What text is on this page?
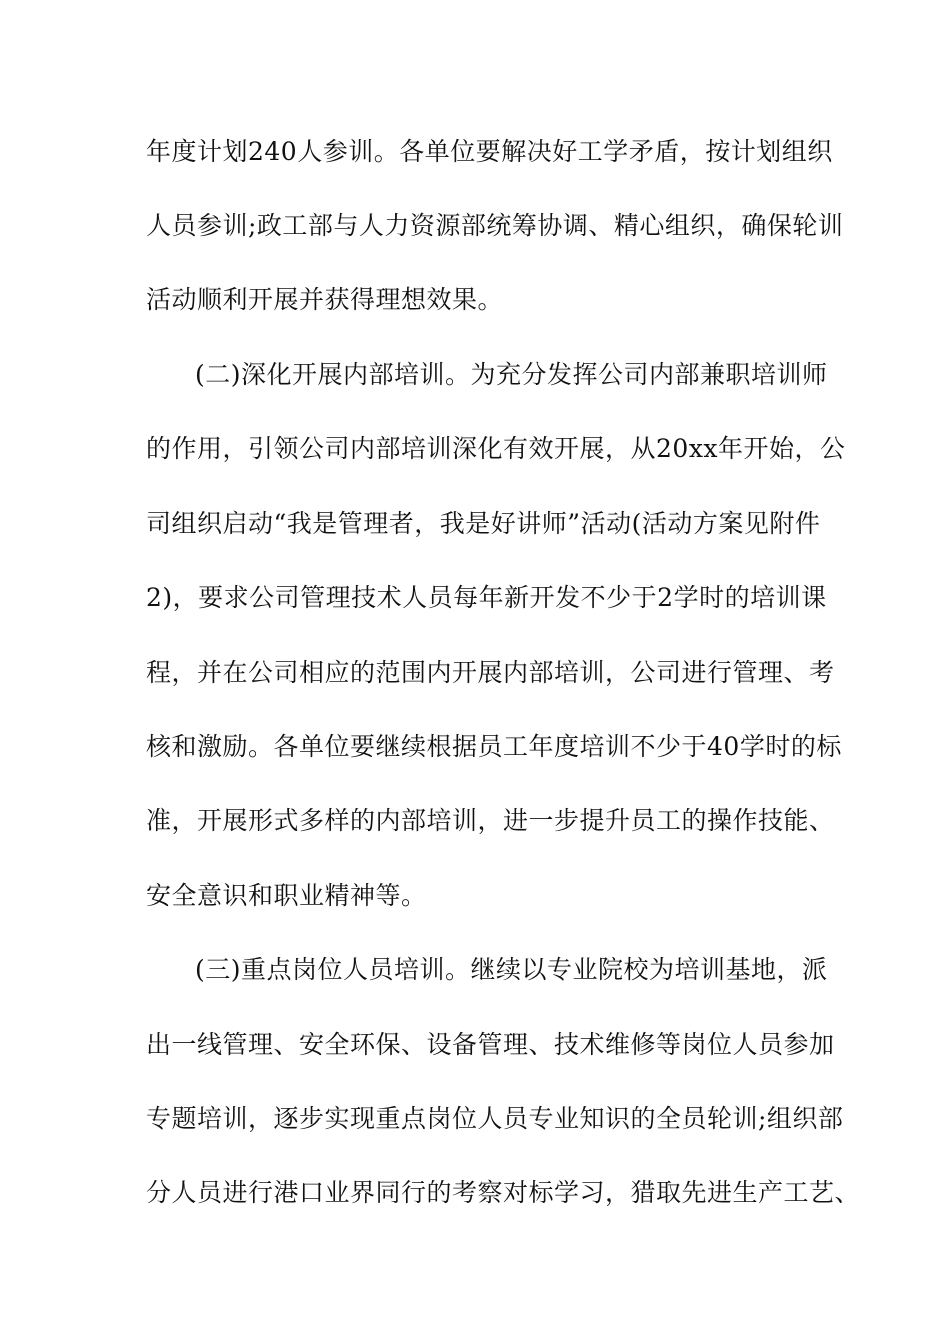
年度计划240人参训。各单位要解决好工学矛盾，按计划组织
人员参训;政工部与人力资源部统筹协调、精心组织，确保轮训
活动顺利开展并获得理想效果。
(二)深化开展内部培训。为充分发挥公司内部兼职培训师
的作用，引领公司内部培训深化有效开展，从20xx年开始，公
司组织启动“我是管理者，我是好讲师”活动(活动方案见附件
2)，要求公司管理技术人员每年新开发不少于2学时的培训课
程，并在公司相应的范围内开展内部培训，公司进行管理、考
核和激励。各单位要继续根据员工年度培训不少于40学时的标
准，开展形式多样的内部培训，进一步提升员工的操作技能、
安全意识和职业精神等。
(三)重点岗位人员培训。继续以专业院校为培训基地，派
出一线管理、安全环保、设备管理、技术维修等岗位人员参加
专题培训，逐步实现重点岗位人员专业知识的全员轮训;组织部
分人员进行港口业界同行的考察对标学习，猎取先进生产工艺、
